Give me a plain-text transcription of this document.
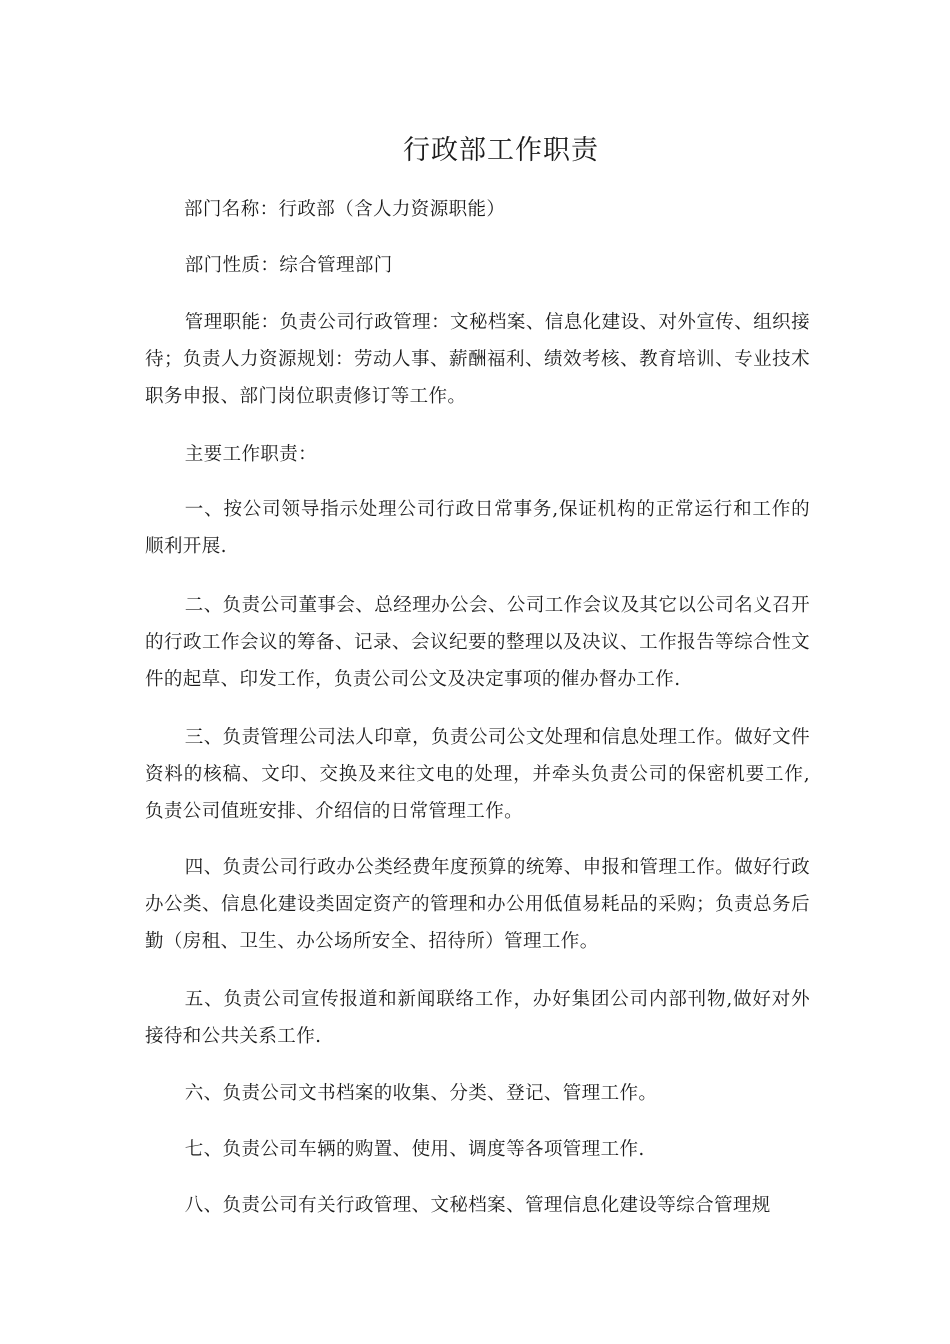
行政部工作职责

部门名称：行政部（含人力资源职能）

部门性质：综合管理部门

管理职能：负责公司行政管理：文秘档案、信息化建设、对外宣传、组织接待；负责人力资源规划：劳动人事、薪酬福利、绩效考核、教育培训、专业技术职务申报、部门岗位职责修订等工作。

主要工作职责：

一、按公司领导指示处理公司行政日常事务,保证机构的正常运行和工作的顺利开展.

二、负责公司董事会、总经理办公会、公司工作会议及其它以公司名义召开的行政工作会议的筹备、记录、会议纪要的整理以及决议、工作报告等综合性文件的起草、印发工作，负责公司公文及决定事项的催办督办工作.

三、负责管理公司法人印章，负责公司公文处理和信息处理工作。做好文件资料的核稿、文印、交换及来往文电的处理，并牵头负责公司的保密机要工作,负责公司值班安排、介绍信的日常管理工作。

四、负责公司行政办公类经费年度预算的统筹、申报和管理工作。做好行政办公类、信息化建设类固定资产的管理和办公用低值易耗品的采购；负责总务后勤（房租、卫生、办公场所安全、招待所）管理工作。

五、负责公司宣传报道和新闻联络工作，办好集团公司内部刊物,做好对外接待和公共关系工作.

六、负责公司文书档案的收集、分类、登记、管理工作。

七、负责公司车辆的购置、使用、调度等各项管理工作.

八、负责公司有关行政管理、文秘档案、管理信息化建设等综合管理规
